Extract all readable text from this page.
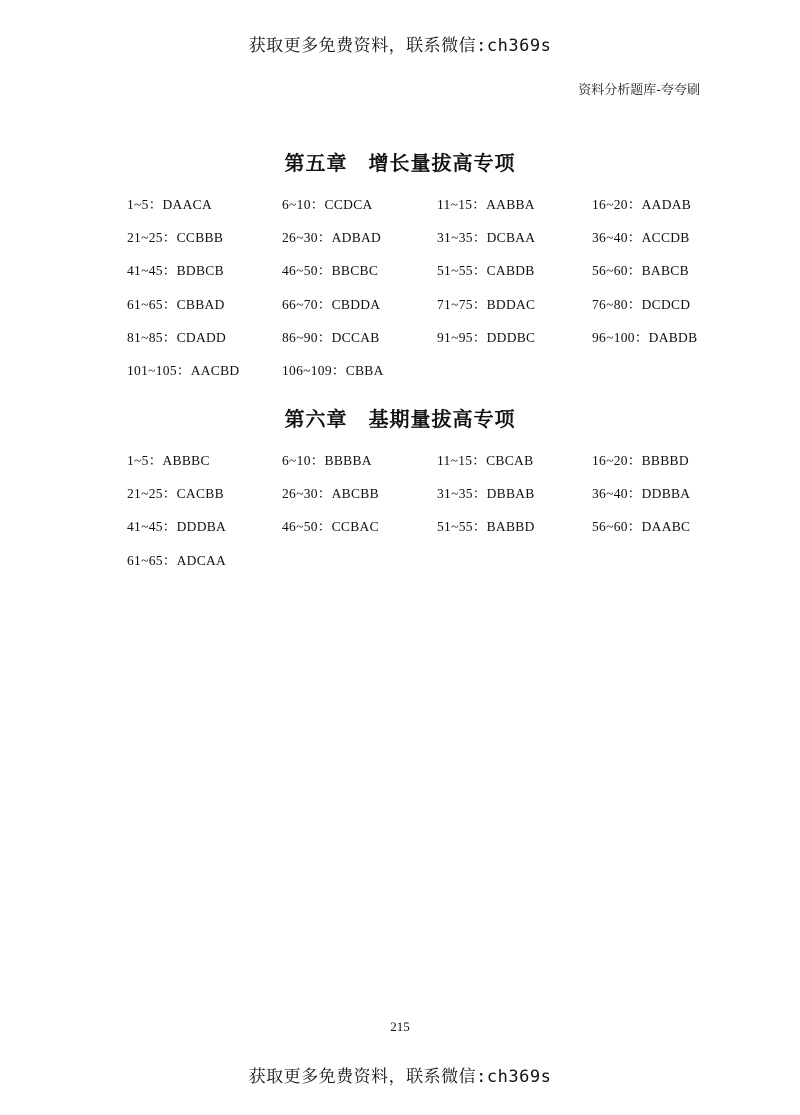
获取更多免费资料，联系微信:ch369s
资料分析题库-夸夸刷
第五章　增长量拔高专项
1~5：DAACA	6~10：CCDCA	11~15：AABBA	16~20：AADAB
21~25：CCBBB	26~30：ADBAD	31~35：DCBAA	36~40：ACCDB
41~45：BDBCB	46~50：BBCBC	51~55：CABDB	56~60：BABCB
61~65：CBBAD	66~70：CBDDA	71~75：BDDAC	76~80：DCDCD
81~85：CDADD	86~90：DCCAB	91~95：DDDBC	96~100：DABDB
101~105：AACBD	106~109：CBBA
第六章　基期量拔高专项
1~5：ABBBC	6~10：BBBBA	11~15：CBCAB	16~20：BBBBD
21~25：CACBB	26~30：ABCBB	31~35：DBBAB	36~40：DDBBA
41~45：DDDBA	46~50：CCBAC	51~55：BABBD	56~60：DAABC
61~65：ADCAA
215
获取更多免费资料，联系微信:ch369s
